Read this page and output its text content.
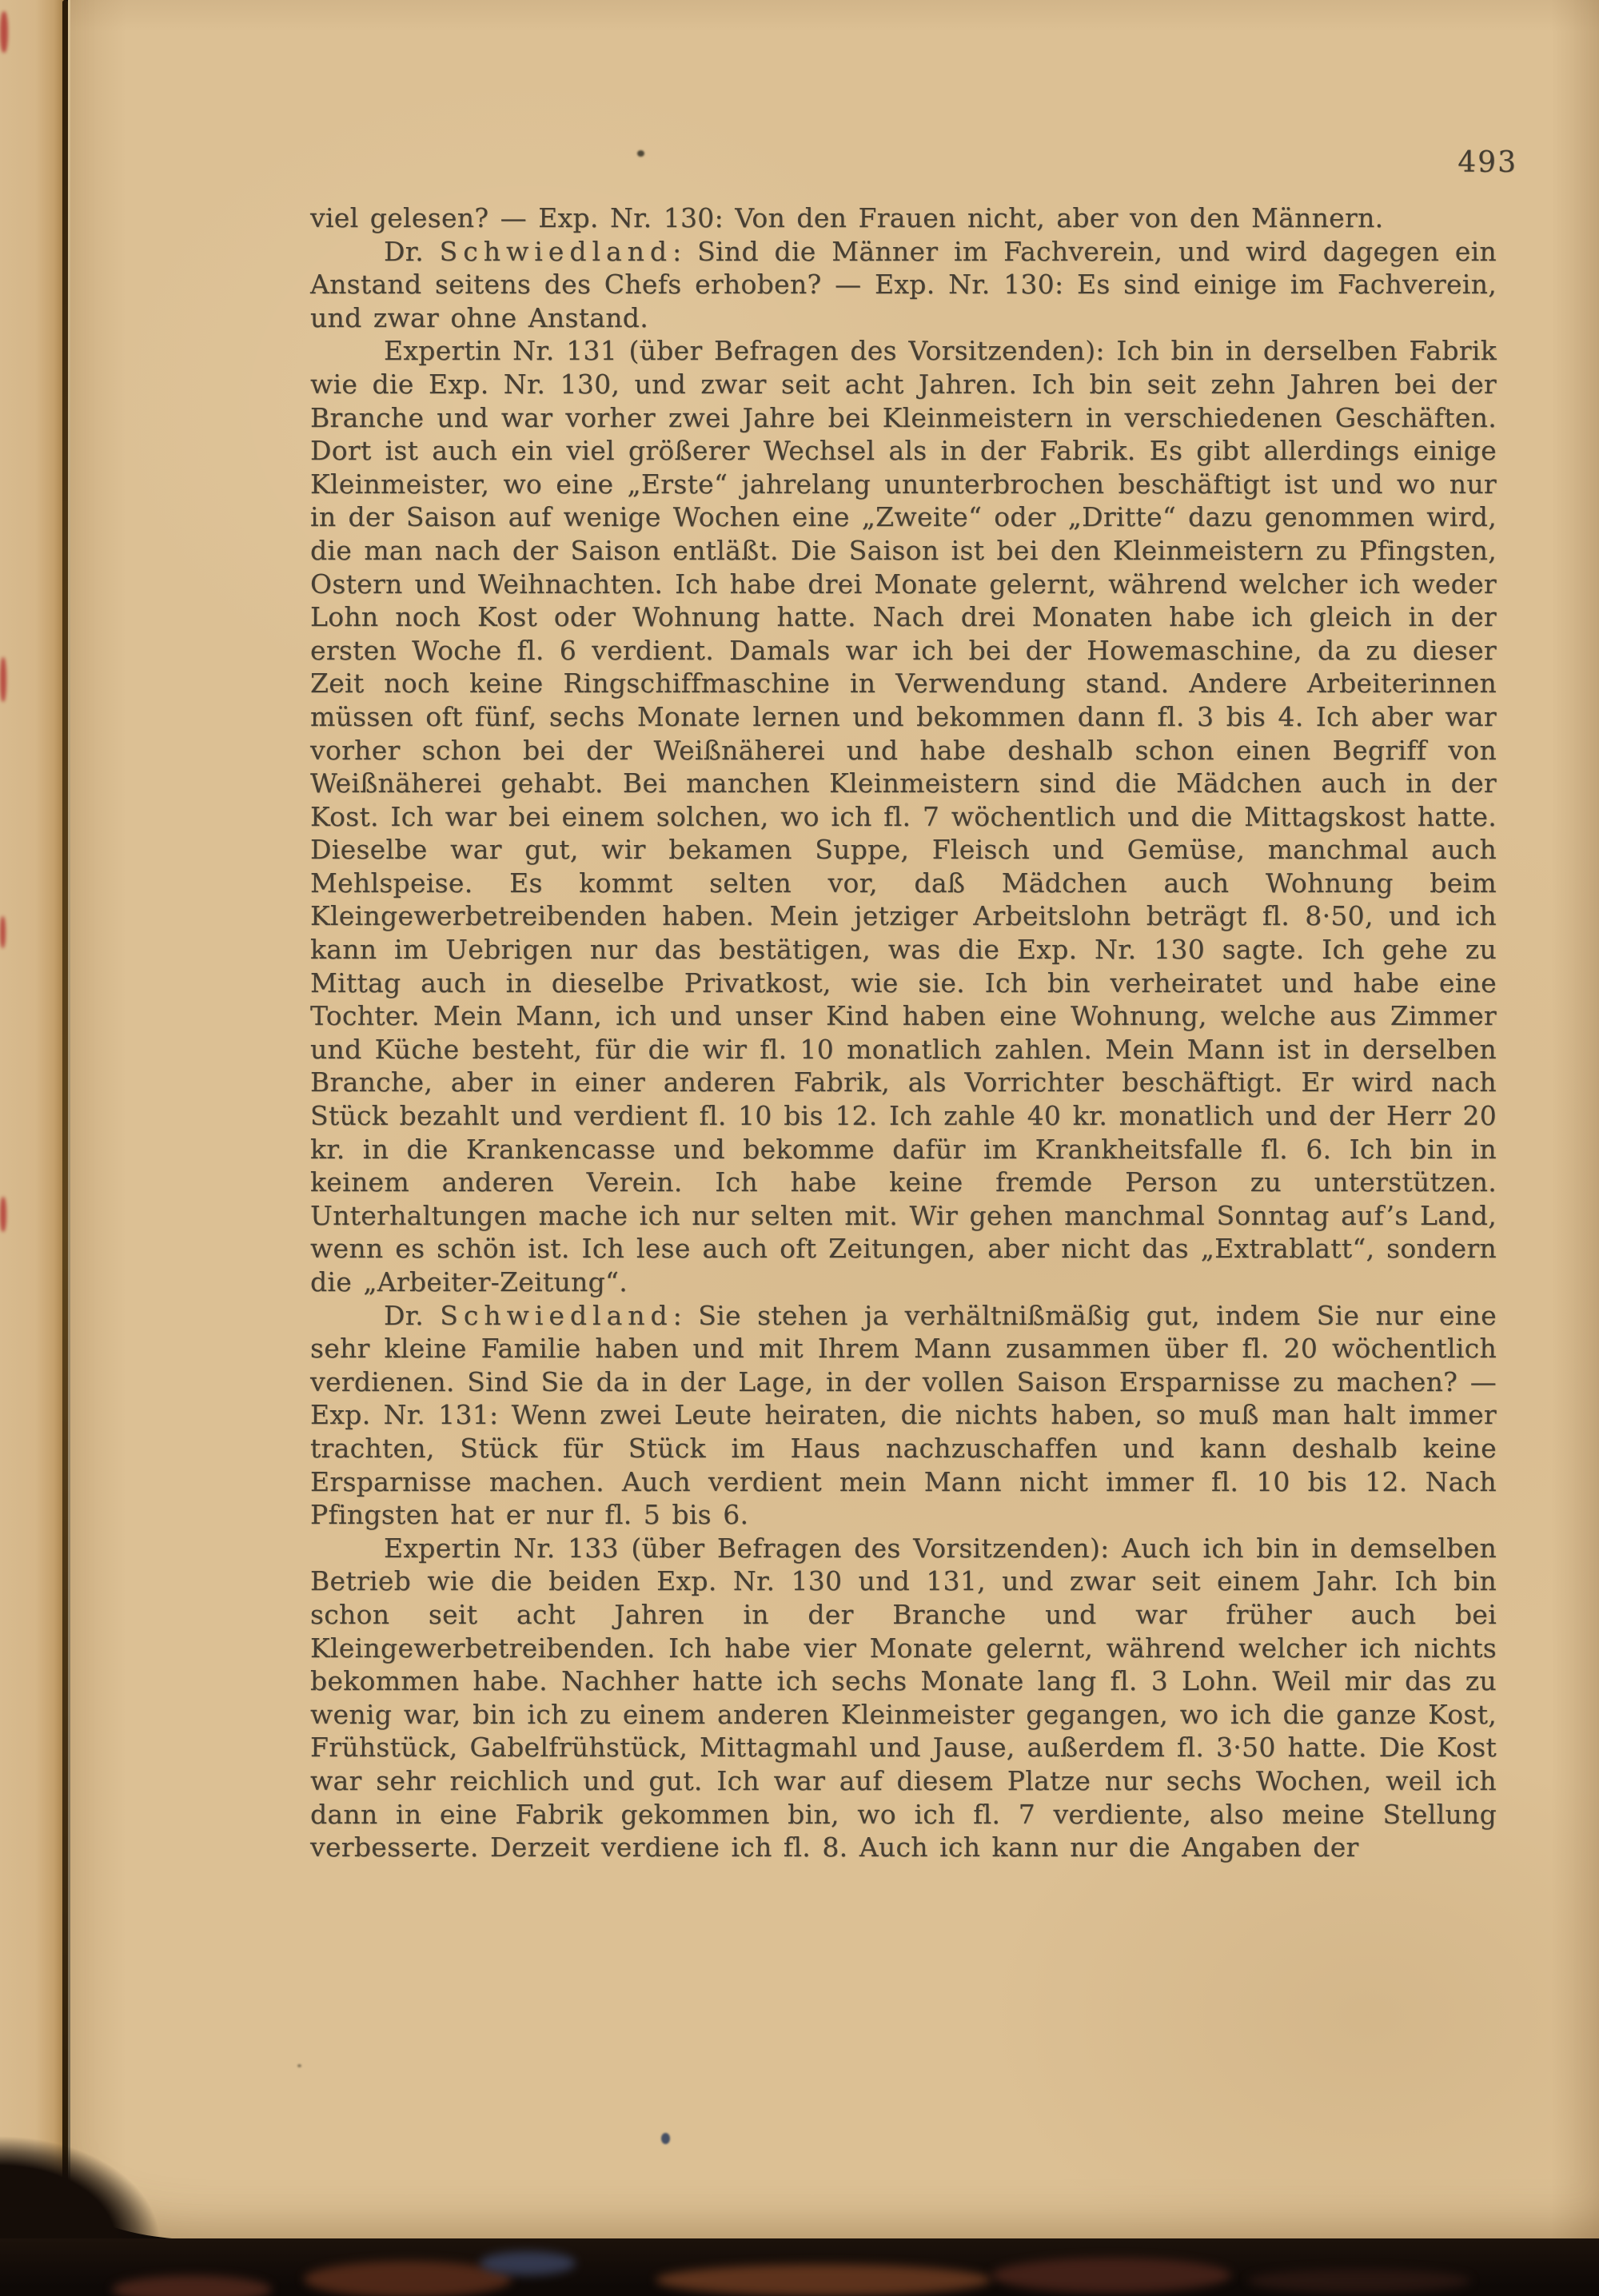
493

viel gelesen? — Exp. Nr. 130: Von den Frauen nicht, aber von den Männern.

Dr. Schwiedland: Sind die Männer im Fachverein, und wird dagegen ein Anstand seitens des Chefs erhoben? — Exp. Nr. 130: Es sind einige im Fachverein, und zwar ohne Anstand.

Expertin Nr. 131 (über Befragen des Vorsitzenden): Ich bin in derselben Fabrik wie die Exp. Nr. 130, und zwar seit acht Jahren. Ich bin seit zehn Jahren bei der Branche und war vorher zwei Jahre bei Kleinmeistern in verschiedenen Geschäften. Dort ist auch ein viel größerer Wechsel als in der Fabrik. Es gibt allerdings einige Kleinmeister, wo eine „Erste“ jahrelang ununterbrochen beschäftigt ist und wo nur in der Saison auf wenige Wochen eine „Zweite“ oder „Dritte“ dazu genommen wird, die man nach der Saison entläßt. Die Saison ist bei den Kleinmeistern zu Pfingsten, Ostern und Weihnachten. Ich habe drei Monate gelernt, während welcher ich weder Lohn noch Kost oder Wohnung hatte. Nach drei Monaten habe ich gleich in der ersten Woche fl. 6 verdient. Damals war ich bei der Howemaschine, da zu dieser Zeit noch keine Ringschiffmaschine in Verwendung stand. Andere Arbeiterinnen müssen oft fünf, sechs Monate lernen und bekommen dann fl. 3 bis 4. Ich aber war vorher schon bei der Weißnäherei und habe deshalb schon einen Begriff von Weißnäherei gehabt. Bei manchen Kleinmeistern sind die Mädchen auch in der Kost. Ich war bei einem solchen, wo ich fl. 7 wöchentlich und die Mittagskost hatte. Dieselbe war gut, wir bekamen Suppe, Fleisch und Gemüse, manchmal auch Mehlspeise. Es kommt selten vor, daß Mädchen auch Wohnung beim Kleingewerbetreibenden haben. Mein jetziger Arbeitslohn beträgt fl. 8·50, und ich kann im Uebrigen nur das bestätigen, was die Exp. Nr. 130 sagte. Ich gehe zu Mittag auch in dieselbe Privatkost, wie sie. Ich bin verheiratet und habe eine Tochter. Mein Mann, ich und unser Kind haben eine Wohnung, welche aus Zimmer und Küche besteht, für die wir fl. 10 monatlich zahlen. Mein Mann ist in derselben Branche, aber in einer anderen Fabrik, als Vorrichter beschäftigt. Er wird nach Stück bezahlt und verdient fl. 10 bis 12. Ich zahle 40 kr. monatlich und der Herr 20 kr. in die Krankencasse und bekomme dafür im Krankheitsfalle fl. 6. Ich bin in keinem anderen Verein. Ich habe keine fremde Person zu unterstützen. Unterhaltungen mache ich nur selten mit. Wir gehen manchmal Sonntag auf’s Land, wenn es schön ist. Ich lese auch oft Zeitungen, aber nicht das „Extrablatt“, sondern die „Arbeiter-Zeitung“.

Dr. Schwiedland: Sie stehen ja verhältnißmäßig gut, indem Sie nur eine sehr kleine Familie haben und mit Ihrem Mann zusammen über fl. 20 wöchentlich verdienen. Sind Sie da in der Lage, in der vollen Saison Ersparnisse zu machen? — Exp. Nr. 131: Wenn zwei Leute heiraten, die nichts haben, so muß man halt immer trachten, Stück für Stück im Haus nachzuschaffen und kann deshalb keine Ersparnisse machen. Auch verdient mein Mann nicht immer fl. 10 bis 12. Nach Pfingsten hat er nur fl. 5 bis 6.

Expertin Nr. 133 (über Befragen des Vorsitzenden): Auch ich bin in demselben Betrieb wie die beiden Exp. Nr. 130 und 131, und zwar seit einem Jahr. Ich bin schon seit acht Jahren in der Branche und war früher auch bei Kleingewerbetreibenden. Ich habe vier Monate gelernt, während welcher ich nichts bekommen habe. Nachher hatte ich sechs Monate lang fl. 3 Lohn. Weil mir das zu wenig war, bin ich zu einem anderen Kleinmeister gegangen, wo ich die ganze Kost, Frühstück, Gabelfrühstück, Mittagmahl und Jause, außerdem fl. 3·50 hatte. Die Kost war sehr reichlich und gut. Ich war auf diesem Platze nur sechs Wochen, weil ich dann in eine Fabrik gekommen bin, wo ich fl. 7 verdiente, also meine Stellung verbesserte. Derzeit verdiene ich fl. 8. Auch ich kann nur die Angaben der
